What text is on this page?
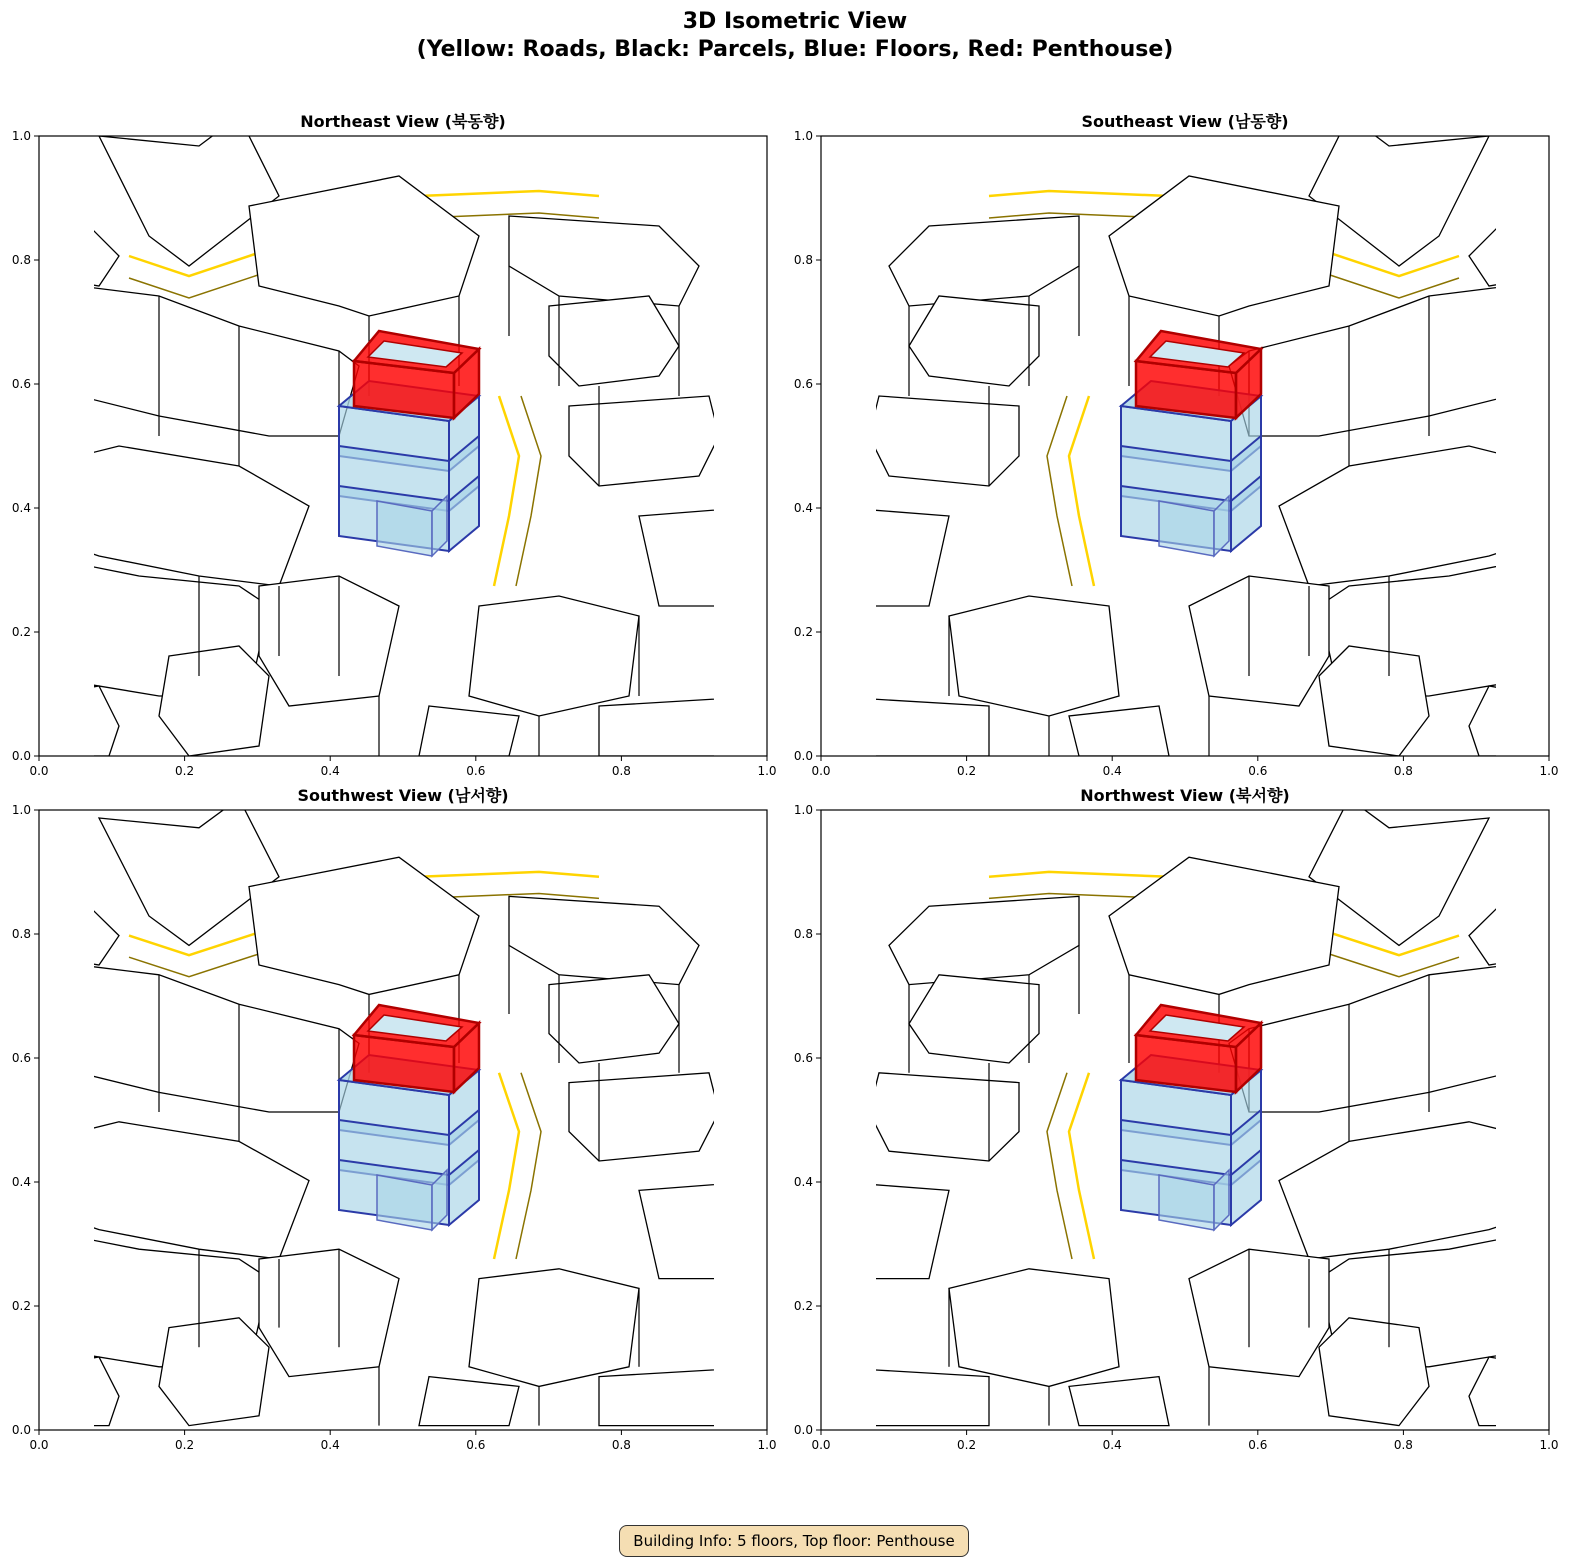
3D Isometric View
(Yellow: Roads, Black: Parcels, Blue: Floors, Red: Penthouse)
0.0
0.0
0.2
0.2
0.4
0.4
0.6
0.6
0.8
0.8
1.0
1.0
Northeast View (북동향)
0.0
0.0
0.2
0.2
0.4
0.4
0.6
0.6
0.8
0.8
1.0
1.0
Southeast View (남동향)
0.0
0.0
0.2
0.2
0.4
0.4
0.6
0.6
0.8
0.8
1.0
1.0
Southwest View (남서향)
0.0
0.0
0.2
0.2
0.4
0.4
0.6
0.6
0.8
0.8
1.0
1.0
Northwest View (북서향)
Building Info: 5 floors, Top floor: Penthouse
